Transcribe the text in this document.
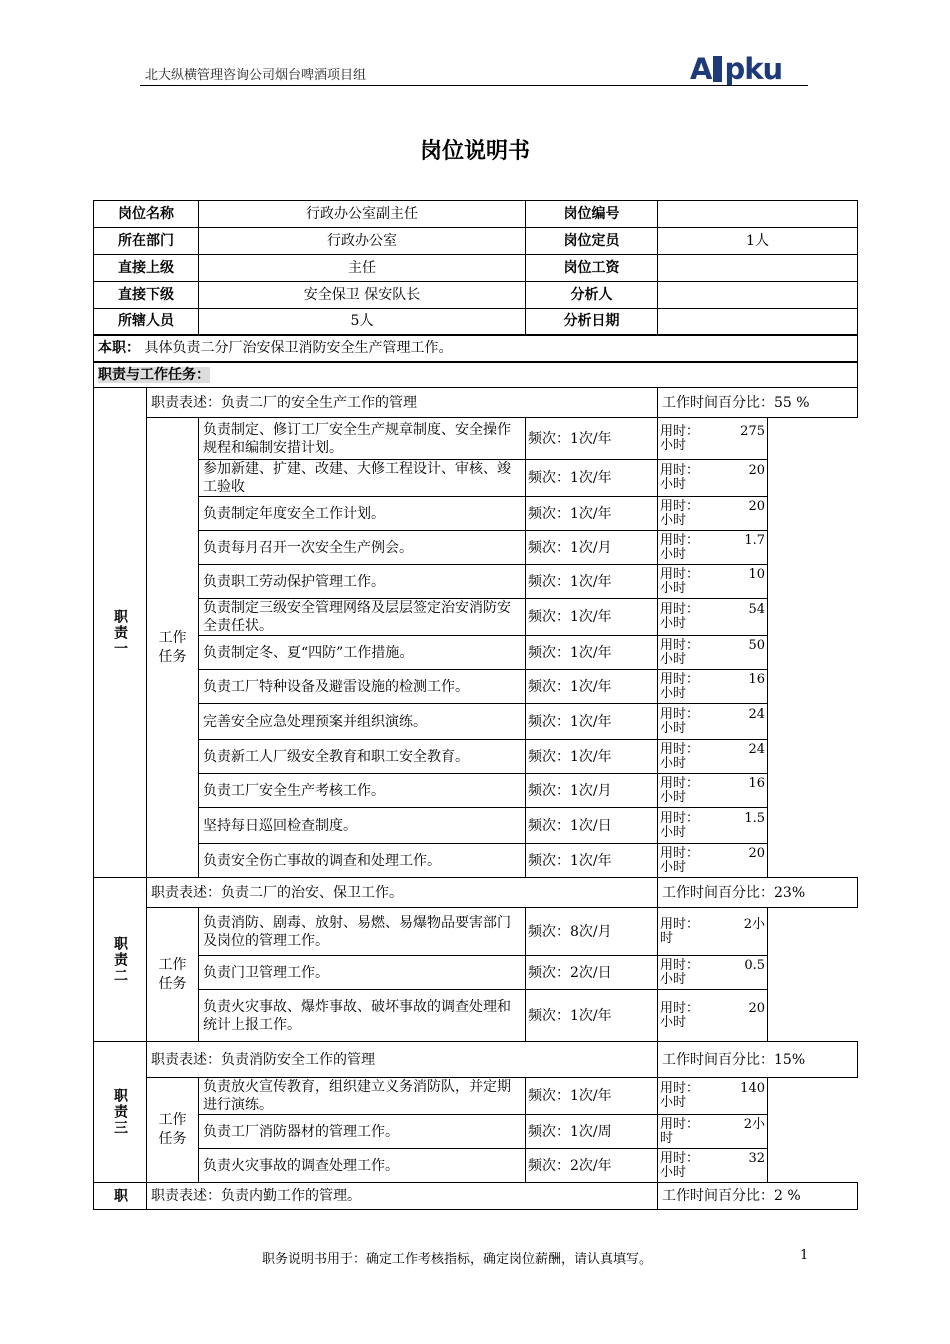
北大纵横管理咨询公司烟台啤酒项目组	A pku
岗位说明书
岗位名称		行政办公室副主任	岗位编号	
所在部门		行政办公室	岗位定员	1人
直接上级		主任	岗位工资	
直接下级		安全保卫 保安队长	分析人	
所辖人员		5人	分析日期	
本职： 具体负责二分厂治安保卫消防安全生产管理工作。				
职责与工作任务：				

职责一	职责表述：负责二厂的安全生产工作的管理			工作时间百分比：55 %

	工作任务	负责制定、修订工厂安全生产规章制度、安全操作规程和编制安措计划。	频次：1次/年	用时： 275
小时

		参加新建、扩建、改建、大修工程设计、审核、竣工验收	频次：1次/年	用时： 20
小时

		负责制定年度安全工作计划。	频次：1次/年	用时： 20
小时

		负责每月召开一次安全生产例会。	频次：1次/月	用时： 1.7
小时

		负责职工劳动保护管理工作。	频次：1次/年	用时： 10
小时

		负责制定三级安全管理网络及层层签定治安消防安全责任状。	频次：1次/年	用时： 54
小时

		负责制定冬、夏“四防”工作措施。	频次：1次/年	用时： 50
小时

		负责工厂特种设备及避雷设施的检测工作。	频次：1次/年	用时： 16
小时

		完善安全应急处理预案并组织演练。	频次：1次/年	用时： 24
小时

		负责新工人厂级安全教育和职工安全教育。	频次：1次/年	用时： 24
小时

		负责工厂安全生产考核工作。	频次：1次/月	用时： 16
小时

		坚持每日巡回检查制度。	频次：1次/日	用时： 1.5
小时

		负责安全伤亡事故的调查和处理工作。	频次：1次/年	用时： 20
小时

职责二	职责表述：负责二厂的治安、保卫工作。			工作时间百分比：23%

	工作任务	负责消防、剧毒、放射、易燃、易爆物品要害部门及岗位的管理工作。	频次：8次/月	用时： 2小
时

		负责门卫管理工作。	频次：2次/日	用时： 0.5
小时

		负责火灾事故、爆炸事故、破坏事故的调查处理和统计上报工作。	频次：1次/年	用时： 20
小时

职责三	职责表述：负责消防安全工作的管理			工作时间百分比：15%

	工作任务	负责放火宣传教育，组织建立义务消防队，并定期进行演练。	频次：1次/年	用时： 140
小时

		负责工厂消防器材的管理工作。	频次：1次/周	用时： 2小
时

		负责火灾事故的调查处理工作。	频次：2次/年	用时： 32
小时

职	职责表述：负责内勤工作的管理。			工作时间百分比：2 %
职务说明书用于：确定工作考核指标，确定岗位薪酬，请认真填写。	1
